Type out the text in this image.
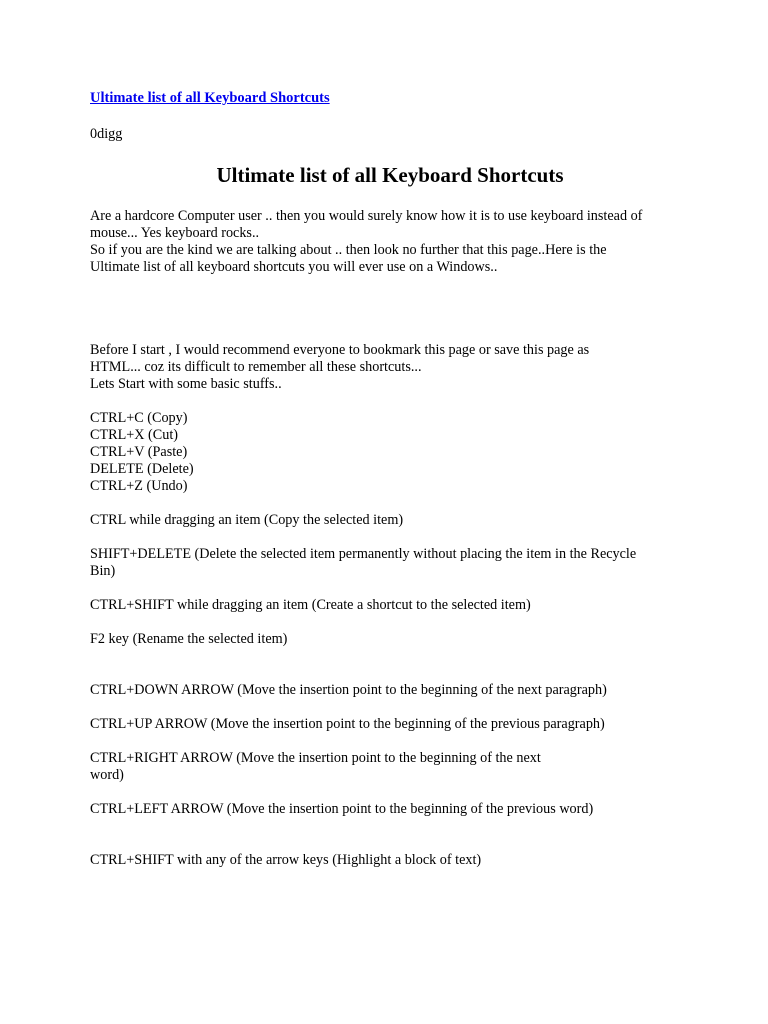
Ultimate list of all Keyboard Shortcuts

0digg

Ultimate list of all Keyboard Shortcuts

Are a hardcore Computer user .. then you would surely know how it is to use keyboard instead of
mouse... Yes keyboard rocks..
So if you are the kind we are talking about .. then look no further that this page..Here is the
Ultimate list of all keyboard shortcuts you will ever use on a Windows..

Before I start , I would recommend everyone to bookmark this page or save this page as
HTML... coz its difficult to remember all these shortcuts...
Lets Start with some basic stuffs..

CTRL+C (Copy)
CTRL+X (Cut)
CTRL+V (Paste)
DELETE (Delete)
CTRL+Z (Undo)

CTRL while dragging an item (Copy the selected item)

SHIFT+DELETE (Delete the selected item permanently without placing the item in the Recycle
Bin)

CTRL+SHIFT while dragging an item (Create a shortcut to the selected item)

F2 key (Rename the selected item)

CTRL+DOWN ARROW (Move the insertion point to the beginning of the next paragraph)

CTRL+UP ARROW (Move the insertion point to the beginning of the previous paragraph)

CTRL+RIGHT ARROW (Move the insertion point to the beginning of the next
word)

CTRL+LEFT ARROW (Move the insertion point to the beginning of the previous word)

CTRL+SHIFT with any of the arrow keys (Highlight a block of text)
